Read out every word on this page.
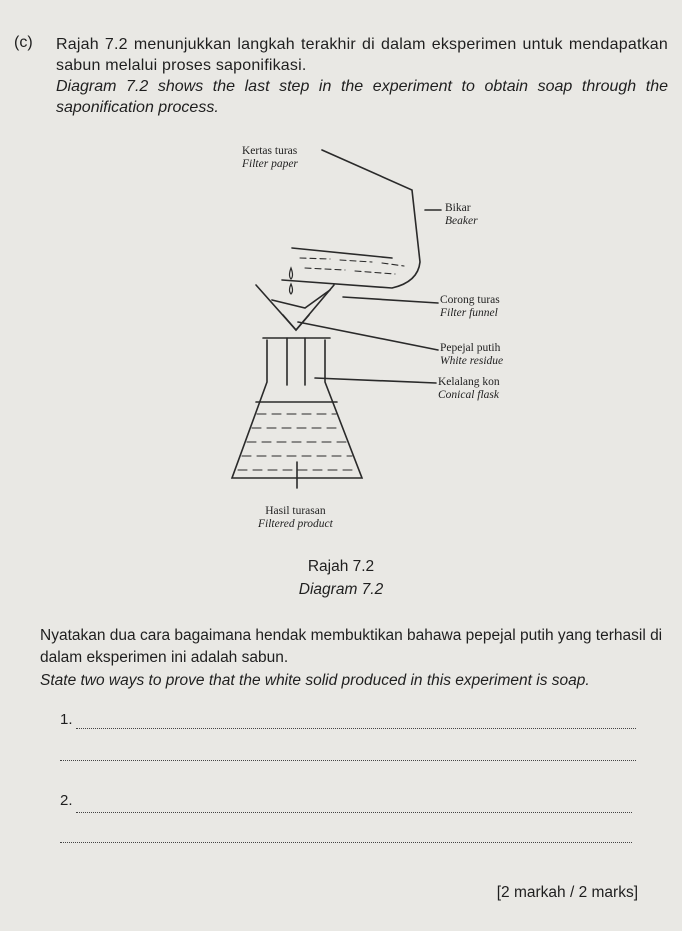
(c) Rajah 7.2 menunjukkan langkah terakhir di dalam eksperimen untuk mendapatkan sabun melalui proses saponifikasi.
Diagram 7.2 shows the last step in the experiment to obtain soap through the saponification process.
Kertas turas
Filter paper
Bikar
Beaker
Corong turas
Filter funnel
Pepejal putih
White residue
Kelalang kon
Conical flask
Hasil turasan
Filtered product
Rajah 7.2
Diagram 7.2
Nyatakan dua cara bagaimana hendak membuktikan bahawa pepejal putih yang terhasil di dalam eksperimen ini adalah sabun.
State two ways to prove that the white solid produced in this experiment is soap.
1.
2.
[2 markah / 2 marks]
